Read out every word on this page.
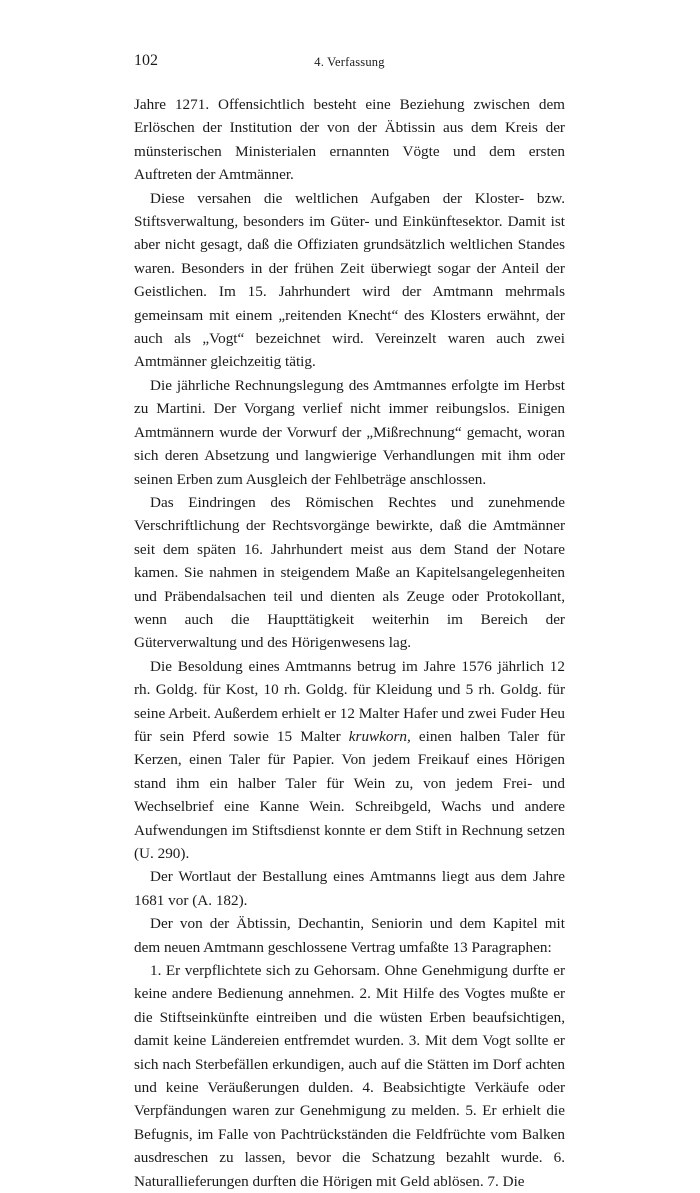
102	4. Verfassung

Jahre 1271. Offensichtlich besteht eine Beziehung zwischen dem Erlöschen der Institution der von der Äbtissin aus dem Kreis der münsterischen Ministerialen ernannten Vögte und dem ersten Auftreten der Amtmänner.

Diese versahen die weltlichen Aufgaben der Kloster- bzw. Stiftsverwaltung, besonders im Güter- und Einkünftesektor. Damit ist aber nicht gesagt, daß die Offiziaten grundsätzlich weltlichen Standes waren. Besonders in der frühen Zeit überwiegt sogar der Anteil der Geistlichen. Im 15. Jahrhundert wird der Amtmann mehrmals gemeinsam mit einem „reitenden Knecht“ des Klosters erwähnt, der auch als „Vogt“ bezeichnet wird. Vereinzelt waren auch zwei Amtmänner gleichzeitig tätig.

Die jährliche Rechnungslegung des Amtmannes erfolgte im Herbst zu Martini. Der Vorgang verlief nicht immer reibungslos. Einigen Amtmännern wurde der Vorwurf der „Mißrechnung“ gemacht, woran sich deren Absetzung und langwierige Verhandlungen mit ihm oder seinen Erben zum Ausgleich der Fehlbeträge anschlossen.

Das Eindringen des Römischen Rechtes und zunehmende Verschriftlichung der Rechtsvorgänge bewirkte, daß die Amtmänner seit dem späten 16. Jahrhundert meist aus dem Stand der Notare kamen. Sie nahmen in steigendem Maße an Kapitelsangelegenheiten und Präbendalsachen teil und dienten als Zeuge oder Protokollant, wenn auch die Haupttätigkeit weiterhin im Bereich der Güterverwaltung und des Hörigenwesens lag.

Die Besoldung eines Amtmanns betrug im Jahre 1576 jährlich 12 rh. Goldg. für Kost, 10 rh. Goldg. für Kleidung und 5 rh. Goldg. für seine Arbeit. Außerdem erhielt er 12 Malter Hafer und zwei Fuder Heu für sein Pferd sowie 15 Malter kruwkorn, einen halben Taler für Kerzen, einen Taler für Papier. Von jedem Freikauf eines Hörigen stand ihm ein halber Taler für Wein zu, von jedem Frei- und Wechselbrief eine Kanne Wein. Schreibgeld, Wachs und andere Aufwendungen im Stiftsdienst konnte er dem Stift in Rechnung setzen (U. 290).

Der Wortlaut der Bestallung eines Amtmanns liegt aus dem Jahre 1681 vor (A. 182).

Der von der Äbtissin, Dechantin, Seniorin und dem Kapitel mit dem neuen Amtmann geschlossene Vertrag umfaßte 13 Paragraphen:

1. Er verpflichtete sich zu Gehorsam. Ohne Genehmigung durfte er keine andere Bedienung annehmen. 2. Mit Hilfe des Vogtes mußte er die Stiftseinkünfte eintreiben und die wüsten Erben beaufsichtigen, damit keine Ländereien entfremdet wurden. 3. Mit dem Vogt sollte er sich nach Sterbefällen erkundigen, auch auf die Stätten im Dorf achten und keine Veräußerungen dulden. 4. Beabsichtigte Verkäufe oder Verpfändungen waren zur Genehmigung zu melden. 5. Er erhielt die Befugnis, im Falle von Pachtrückständen die Feldfrüchte vom Balken ausdreschen zu lassen, bevor die Schatzung bezahlt wurde. 6. Naturallieferungen durften die Hörigen mit Geld ablösen. 7. Die
